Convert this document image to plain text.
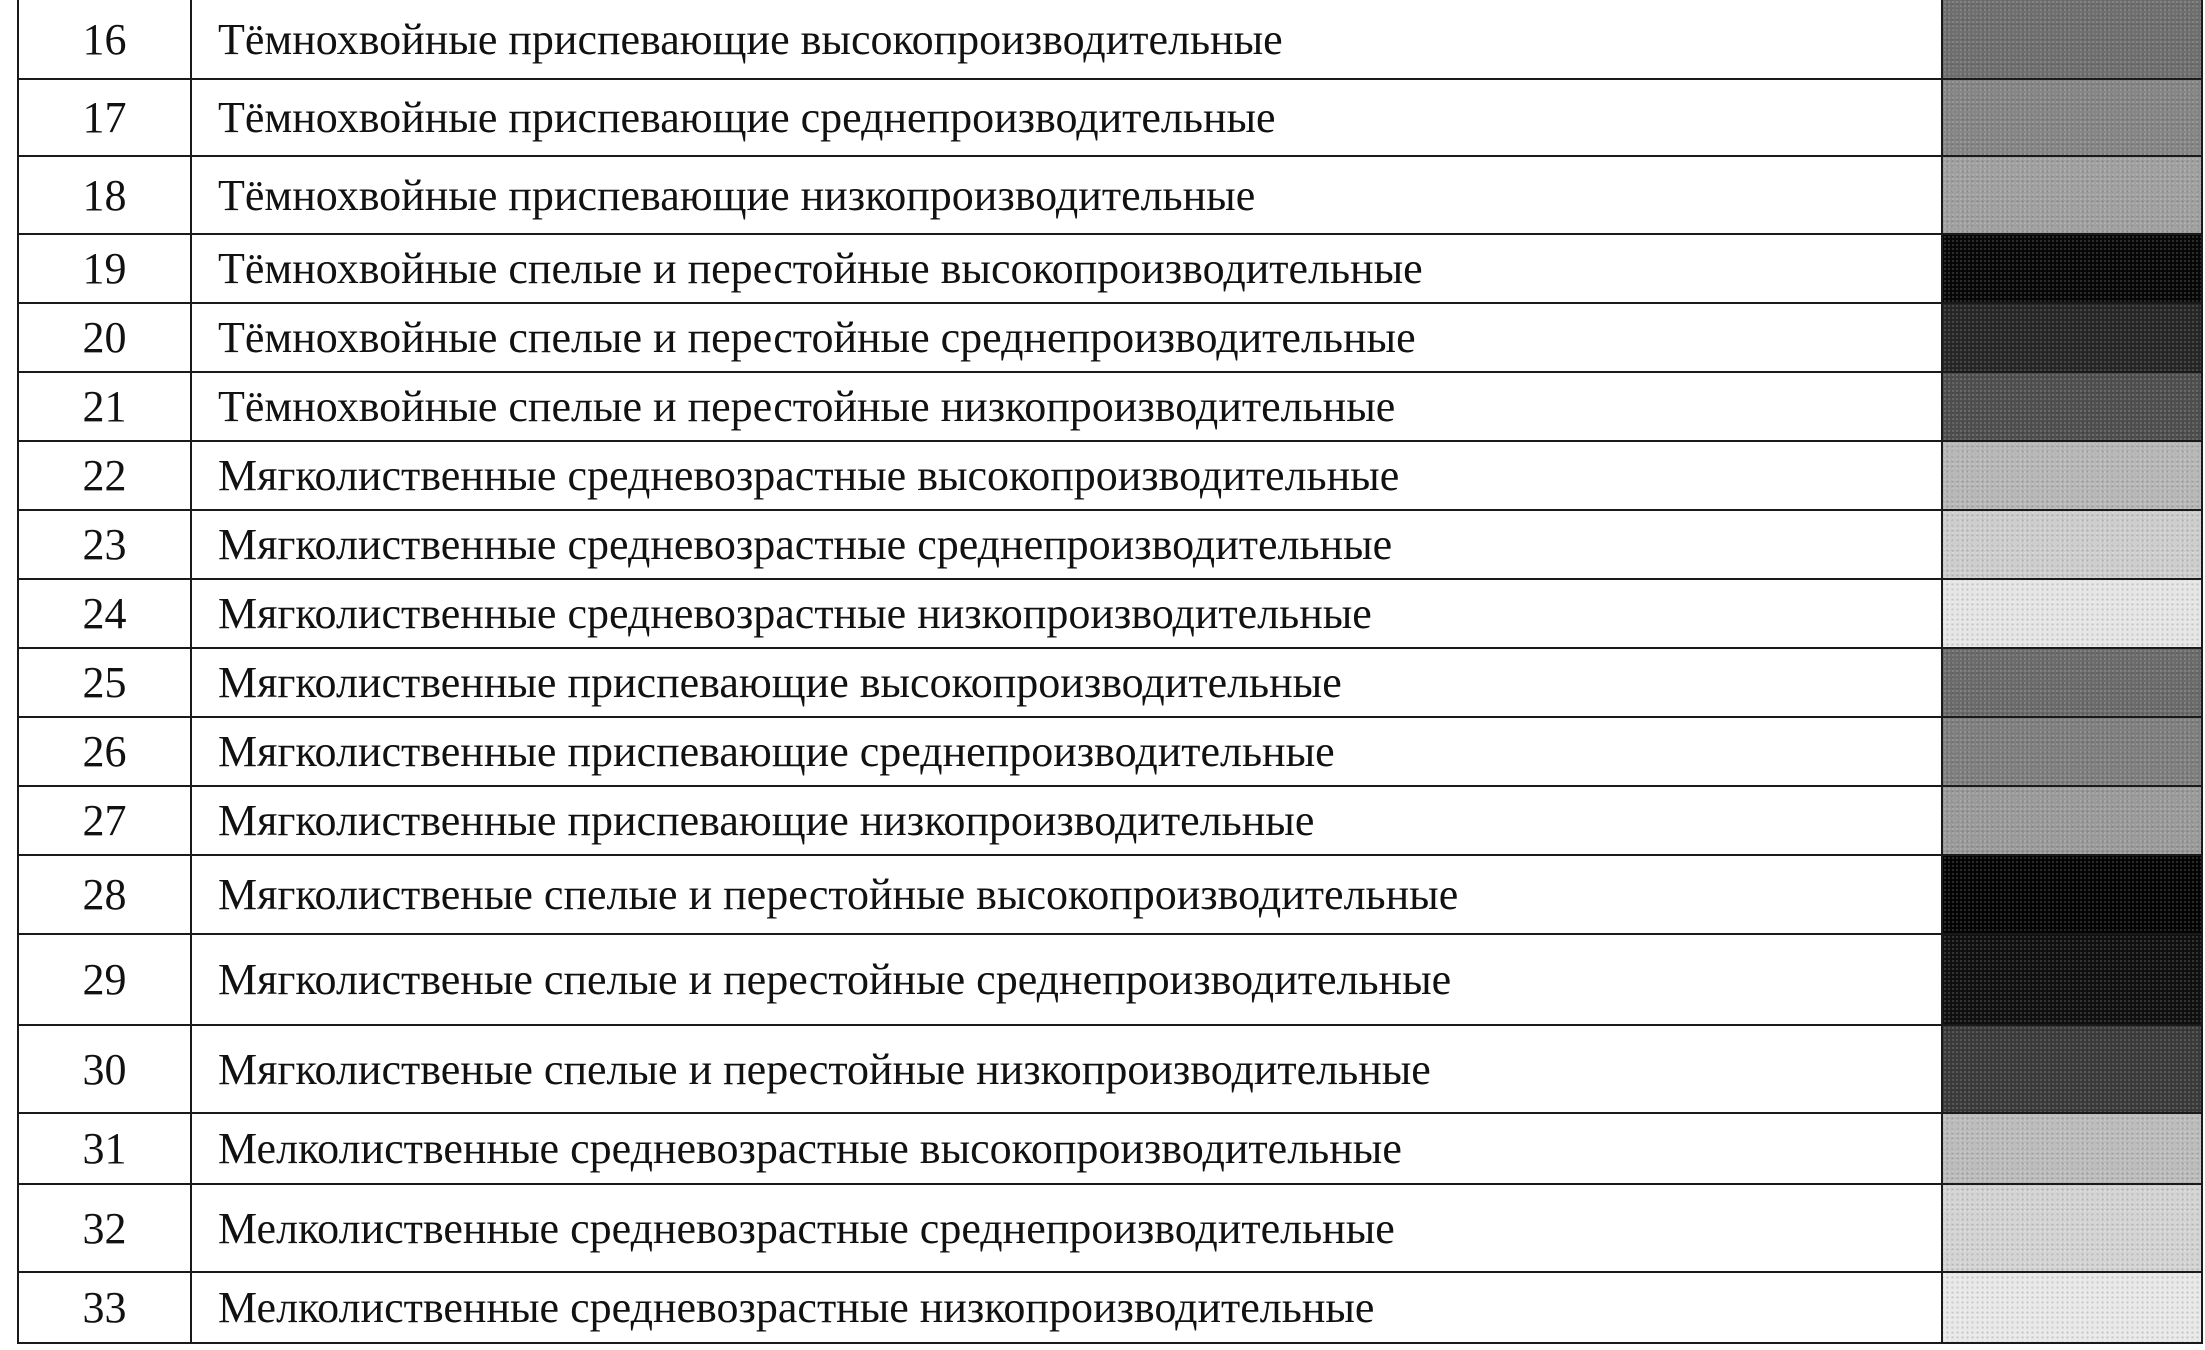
16	Тёмнохвойные приспевающие высокопроизводительные	

17	Тёмнохвойные приспевающие среднепроизводительные	

18	Тёмнохвойные приспевающие низкопроизводительные	

19	Тёмнохвойные спелые и перестойные высокопроизводительные	

20	Тёмнохвойные спелые и перестойные среднепроизводительные	

21	Тёмнохвойные спелые и перестойные низкопроизводительные	

22	Мягколиственные средневозрастные высокопроизводительные	

23	Мягколиственные средневозрастные среднепроизводительные	

24	Мягколиственные средневозрастные низкопроизводительные	

25	Мягколиственные приспевающие высокопроизводительные	

26	Мягколиственные приспевающие среднепроизводительные	

27	Мягколиственные приспевающие низкопроизводительные	

28	Мягколиственые спелые и перестойные высокопроизводительные	

29	Мягколиственые спелые и перестойные среднепроизводительные	

30	Мягколиственые спелые и перестойные низкопроизводительные	

31	Мелколиственные средневозрастные высокопроизводительные	

32	Мелколиственные средневозрастные среднепроизводительные	

33	Мелколиственные средневозрастные низкопроизводительные	
